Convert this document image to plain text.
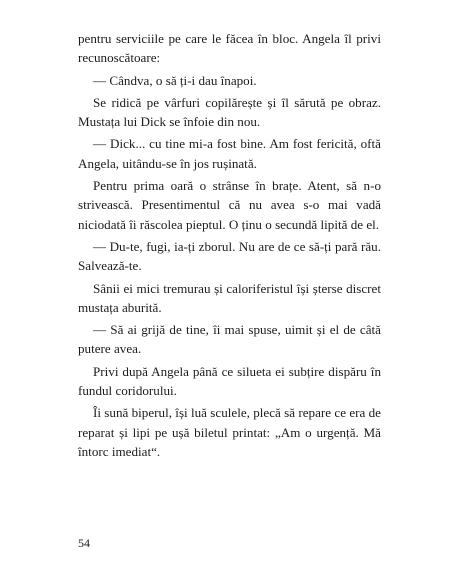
pentru serviciile pe care le făcea în bloc. Angela îl privi recunoscătoare:

— Cândva, o să ți-i dau înapoi.

Se ridică pe vârfuri copilărește și îl sărută pe obraz. Mustața lui Dick se înfoie din nou.

— Dick... cu tine mi-a fost bine. Am fost fericită, oftă Angela, uitându-se în jos rușinată.

Pentru prima oară o strânse în brațe. Atent, să n-o strivească. Presentimentul că nu avea s-o mai vadă niciodată îi răscolea pieptul. O ținu o secundă lipită de el.

— Du-te, fugi, ia-ți zborul. Nu are de ce să-ți pară rău. Salvează-te.

Sânii ei mici tremurau și caloriferistul își șterse discret mustața aburită.

— Să ai grijă de tine, îi mai spuse, uimit și el de câtă putere avea.

Privi după Angela până ce silueta ei subțire dispăru în fundul coridorului.

Îi sună biperul, își luă sculele, plecă să repare ce era de reparat și lipi pe ușă biletul printat: „Am o urgență. Mă întorc imediat“.

54
